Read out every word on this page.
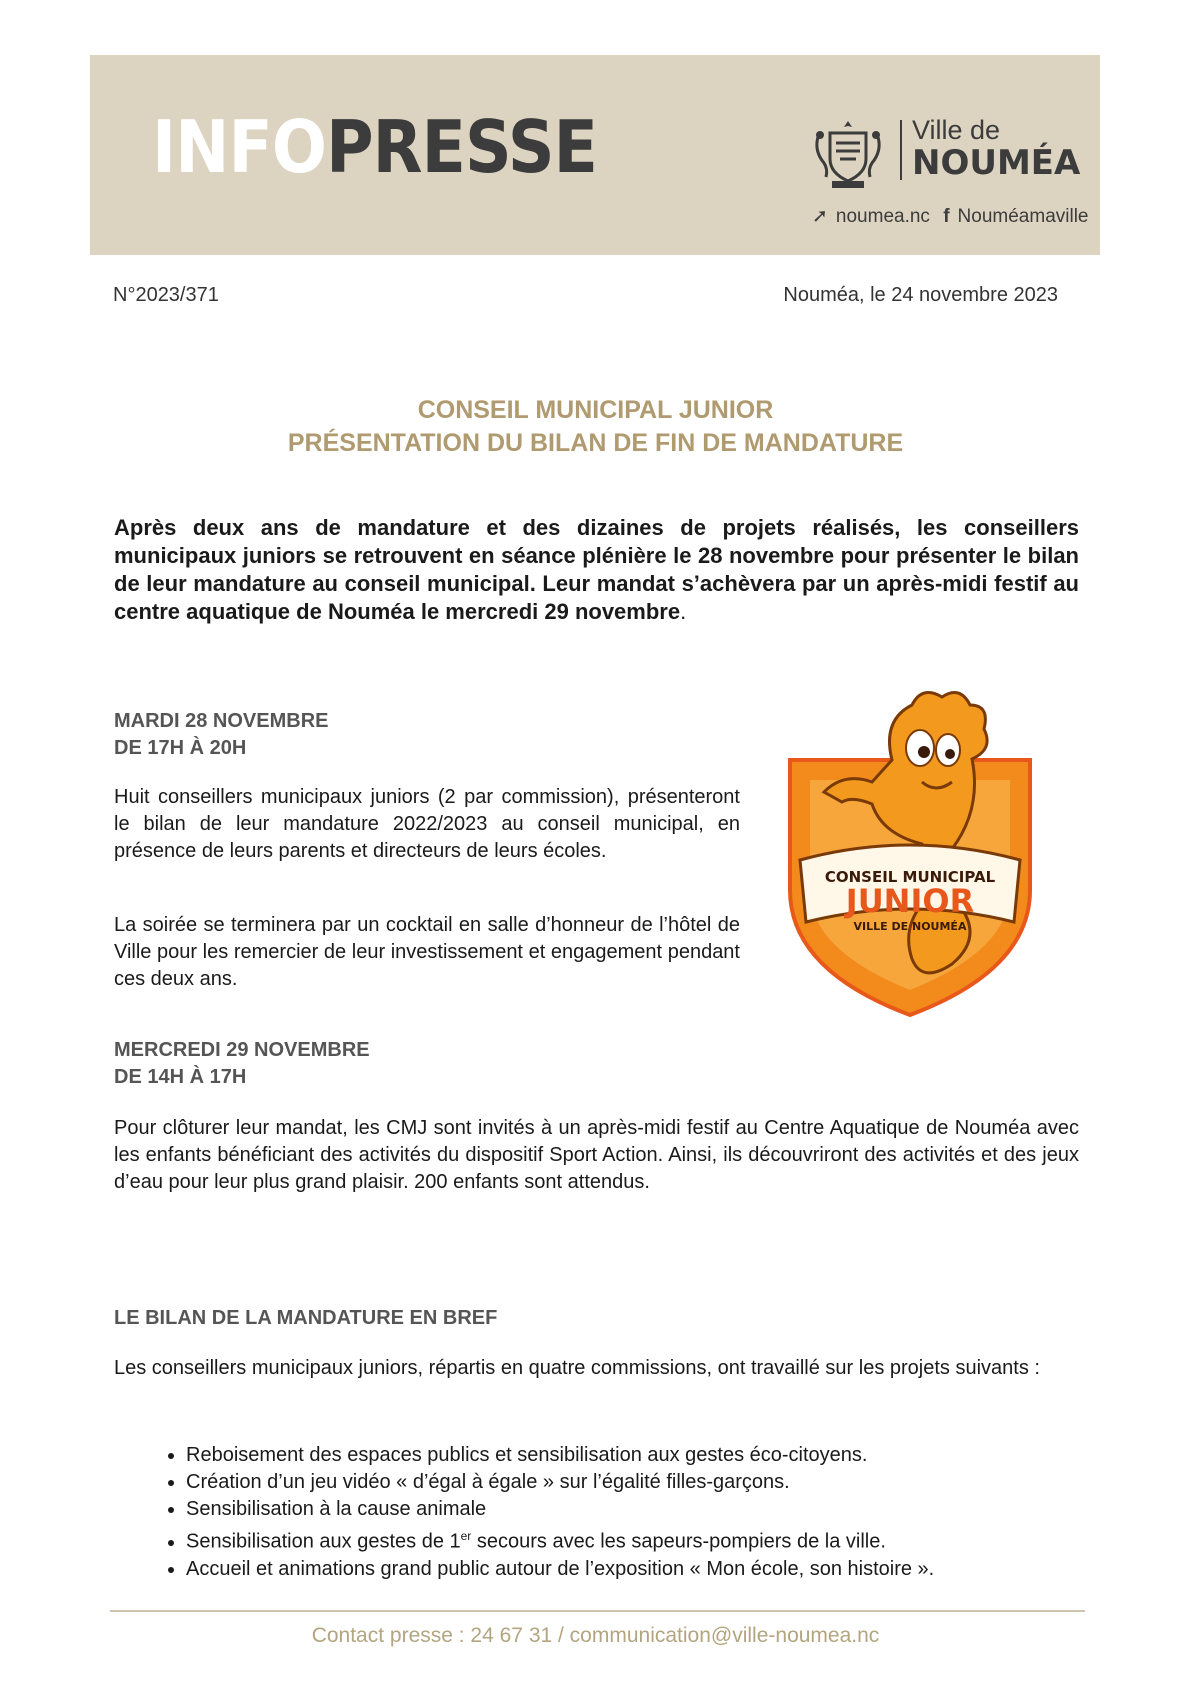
INFOPRESSE	Ville de
NOUMÉA
➚ noumea.nc f Nouméamaville
N°2023/371	Nouméa, le 24 novembre 2023
CONSEIL MUNICIPAL JUNIOR
PRÉSENTATION DU BILAN DE FIN DE MANDATURE
Après deux ans de mandature et des dizaines de projets réalisés, les conseillers municipaux juniors se retrouvent en séance plénière le 28 novembre pour présenter le bilan de leur mandature au conseil municipal. Leur mandat s’achèvera par un après-midi festif au centre aquatique de Nouméa le mercredi 29 novembre.
MARDI 28 NOVEMBRE
DE 17H À 20H
Huit conseillers municipaux juniors (2 par commission), présenteront le bilan de leur mandature 2022/2023 au conseil municipal, en présence de leurs parents et directeurs de leurs écoles.
La soirée se terminera par un cocktail en salle d’honneur de l’hôtel de Ville pour les remercier de leur investissement et engagement pendant ces deux ans.
CONSEIL MUNICIPAL
JUNIOR
VILLE DE NOUMÉA
MERCREDI 29 NOVEMBRE
DE 14H À 17H
Pour clôturer leur mandat, les CMJ sont invités à un après-midi festif au Centre Aquatique de Nouméa avec les enfants bénéficiant des activités du dispositif Sport Action. Ainsi, ils découvriront des activités et des jeux d’eau pour leur plus grand plaisir. 200 enfants sont attendus.
LE BILAN DE LA MANDATURE EN BREF
Les conseillers municipaux juniors, répartis en quatre commissions, ont travaillé sur les projets suivants :
• Reboisement des espaces publics et sensibilisation aux gestes éco-citoyens.
• Création d’un jeu vidéo « d’égal à égale » sur l’égalité filles-garçons.
• Sensibilisation à la cause animale
• Sensibilisation aux gestes de 1er secours avec les sapeurs-pompiers de la ville.
• Accueil et animations grand public autour de l’exposition « Mon école, son histoire ».
Contact presse : 24 67 31 / communication@ville-noumea.nc
